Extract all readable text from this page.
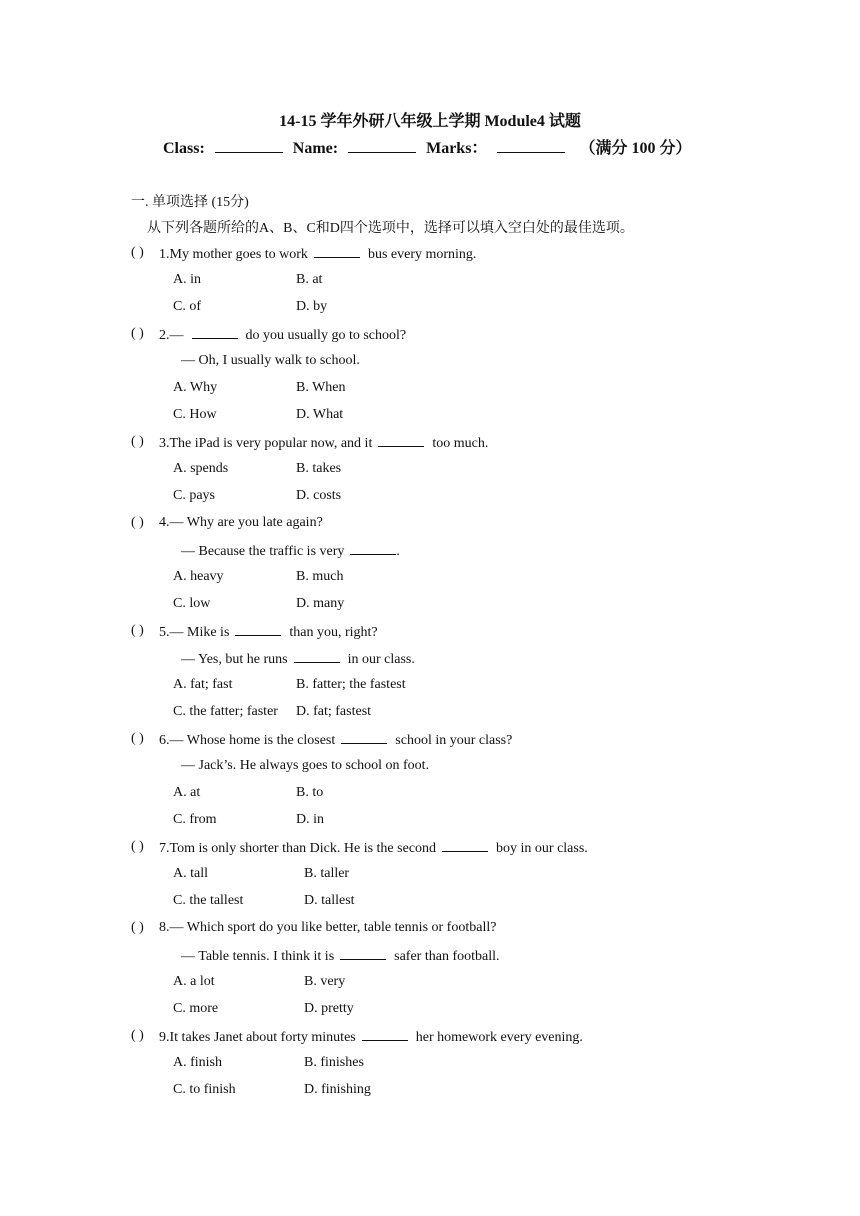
14-15 学年外研八年级上学期 Module4 试题
Class:	Name:	Marks：	（满分 100 分）
一. 单项选择 (15分)
从下列各题所给的A、B、C和D四个选项中，选择可以填入空白处的最佳选项。
( ) 1.My mother goes to work	bus every morning.
A. in	B. at
C. of	D. by
( ) 2.—	do you usually go to school?
— Oh, I usually walk to school.
A. Why	B. When
C. How	D. What
( ) 3.The iPad is very popular now, and it	too much.
A. spends	B. takes
C. pays	D. costs
( ) 4.— Why are you late again?
— Because the traffic is very	.
A. heavy	B. much
C. low	D. many
( ) 5.— Mike is	than you, right?
— Yes, but he runs	in our class.
A. fat; fast	B. fatter; the fastest
C. the fatter; faster D. fat; fastest
( ) 6.— Whose home is the closest	school in your class?
— Jack’s. He always goes to school on foot.
A. at	B. to
C. from	D. in
( ) 7.Tom is only shorter than Dick. He is the second	boy in our class.
A. tall	B. taller
C. the tallest	D. tallest
( ) 8.— Which sport do you like better, table tennis or football?
— Table tennis. I think it is	safer than football.
A. a lot	B. very
C. more	D. pretty
( ) 9.It takes Janet about forty minutes	her homework every evening.
A. finish	B. finishes
C. to finish	D. finishing
